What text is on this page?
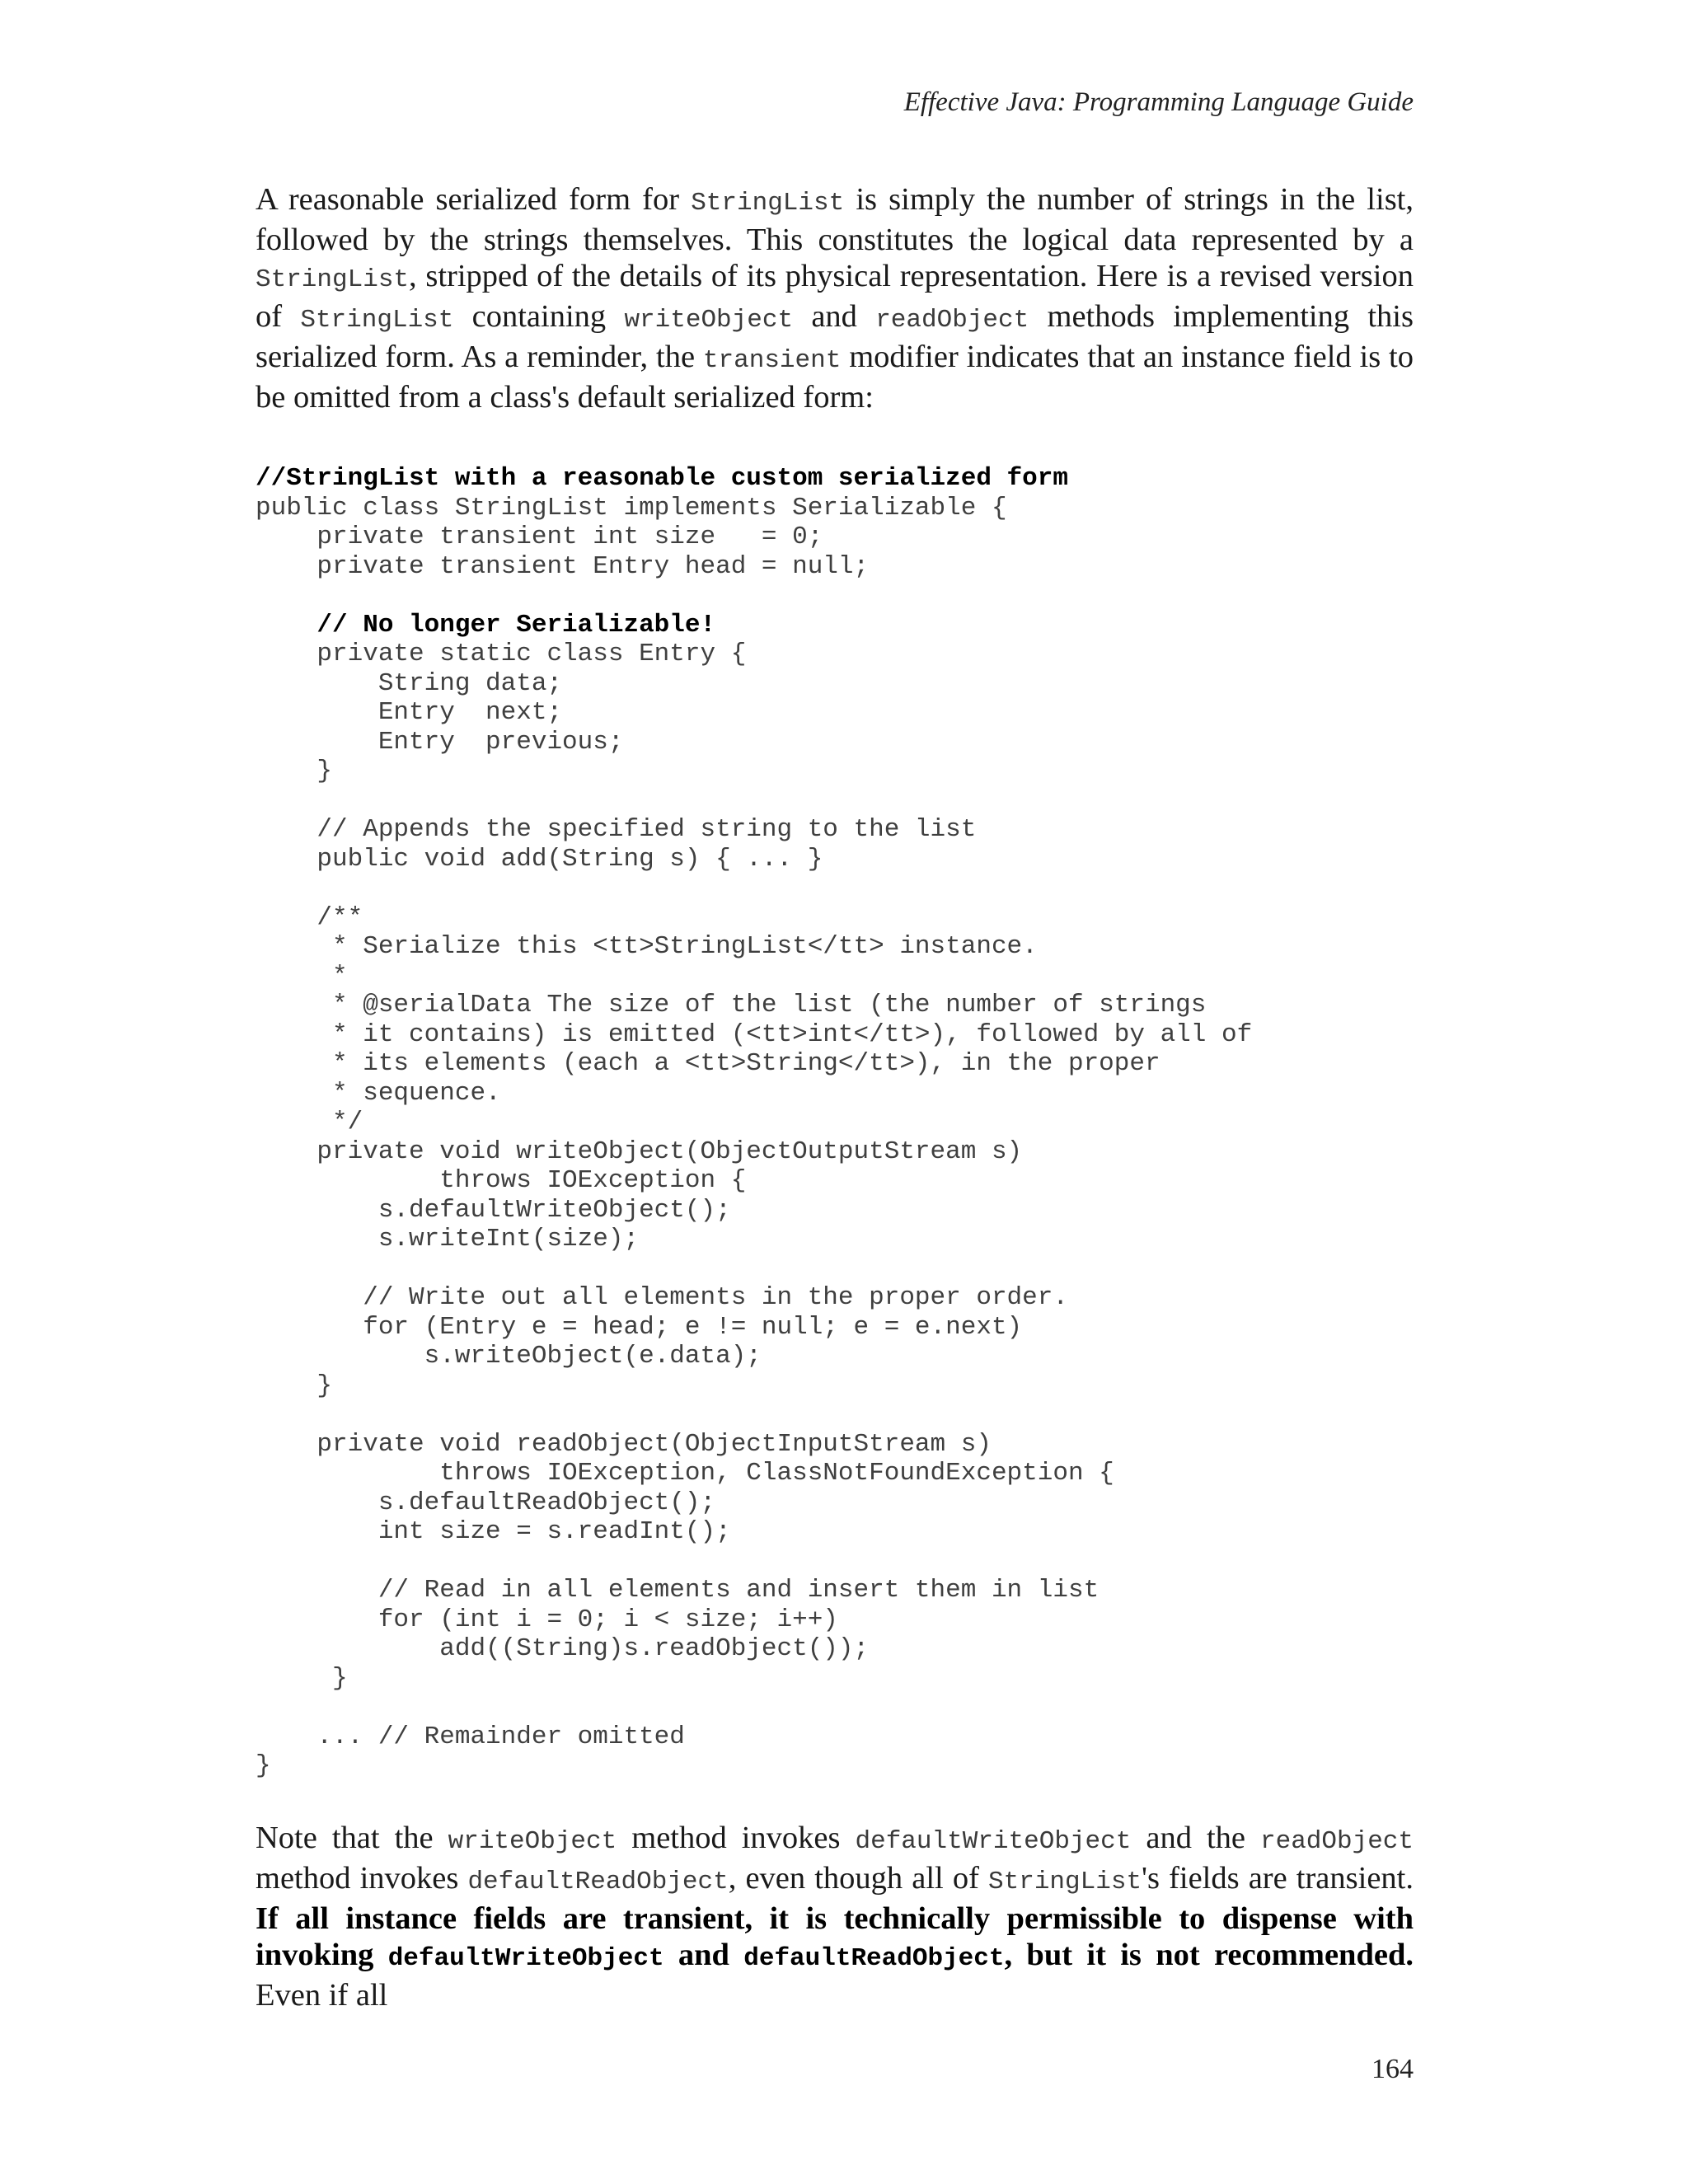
Effective Java: Programming Language Guide
A reasonable serialized form for StringList is simply the number of strings in the list, followed by the strings themselves. This constitutes the logical data represented by a StringList, stripped of the details of its physical representation. Here is a revised version of StringList containing writeObject and readObject methods implementing this serialized form. As a reminder, the transient modifier indicates that an instance field is to be omitted from a class's default serialized form:
//StringList with a reasonable custom serialized form
public class StringList implements Serializable {
private transient int size   = 0;
private transient Entry head = null;
// No longer Serializable!
private static class Entry {
String data;
Entry  next;
Entry  previous;
}
// Appends the specified string to the list
public void add(String s) { ... }
/**
* Serialize this <tt>StringList</tt> instance.
*
* @serialData The size of the list (the number of strings
* it contains) is emitted (<tt>int</tt>), followed by all of
* its elements (each a <tt>String</tt>), in the proper
* sequence.
*/
private void writeObject(ObjectOutputStream s)
throws IOException {
s.defaultWriteObject();
s.writeInt(size);
// Write out all elements in the proper order.
for (Entry e = head; e != null; e = e.next)
s.writeObject(e.data);
}
private void readObject(ObjectInputStream s)
throws IOException, ClassNotFoundException {
s.defaultReadObject();
int size = s.readInt();
// Read in all elements and insert them in list
for (int i = 0; i < size; i++)
add((String)s.readObject());
}
... // Remainder omitted
}
Note that the writeObject method invokes defaultWriteObject and the readObject method invokes defaultReadObject, even though all of StringList's fields are transient. If all instance fields are transient, it is technically permissible to dispense with invoking defaultWriteObject and defaultReadObject, but it is not recommended. Even if all
164
